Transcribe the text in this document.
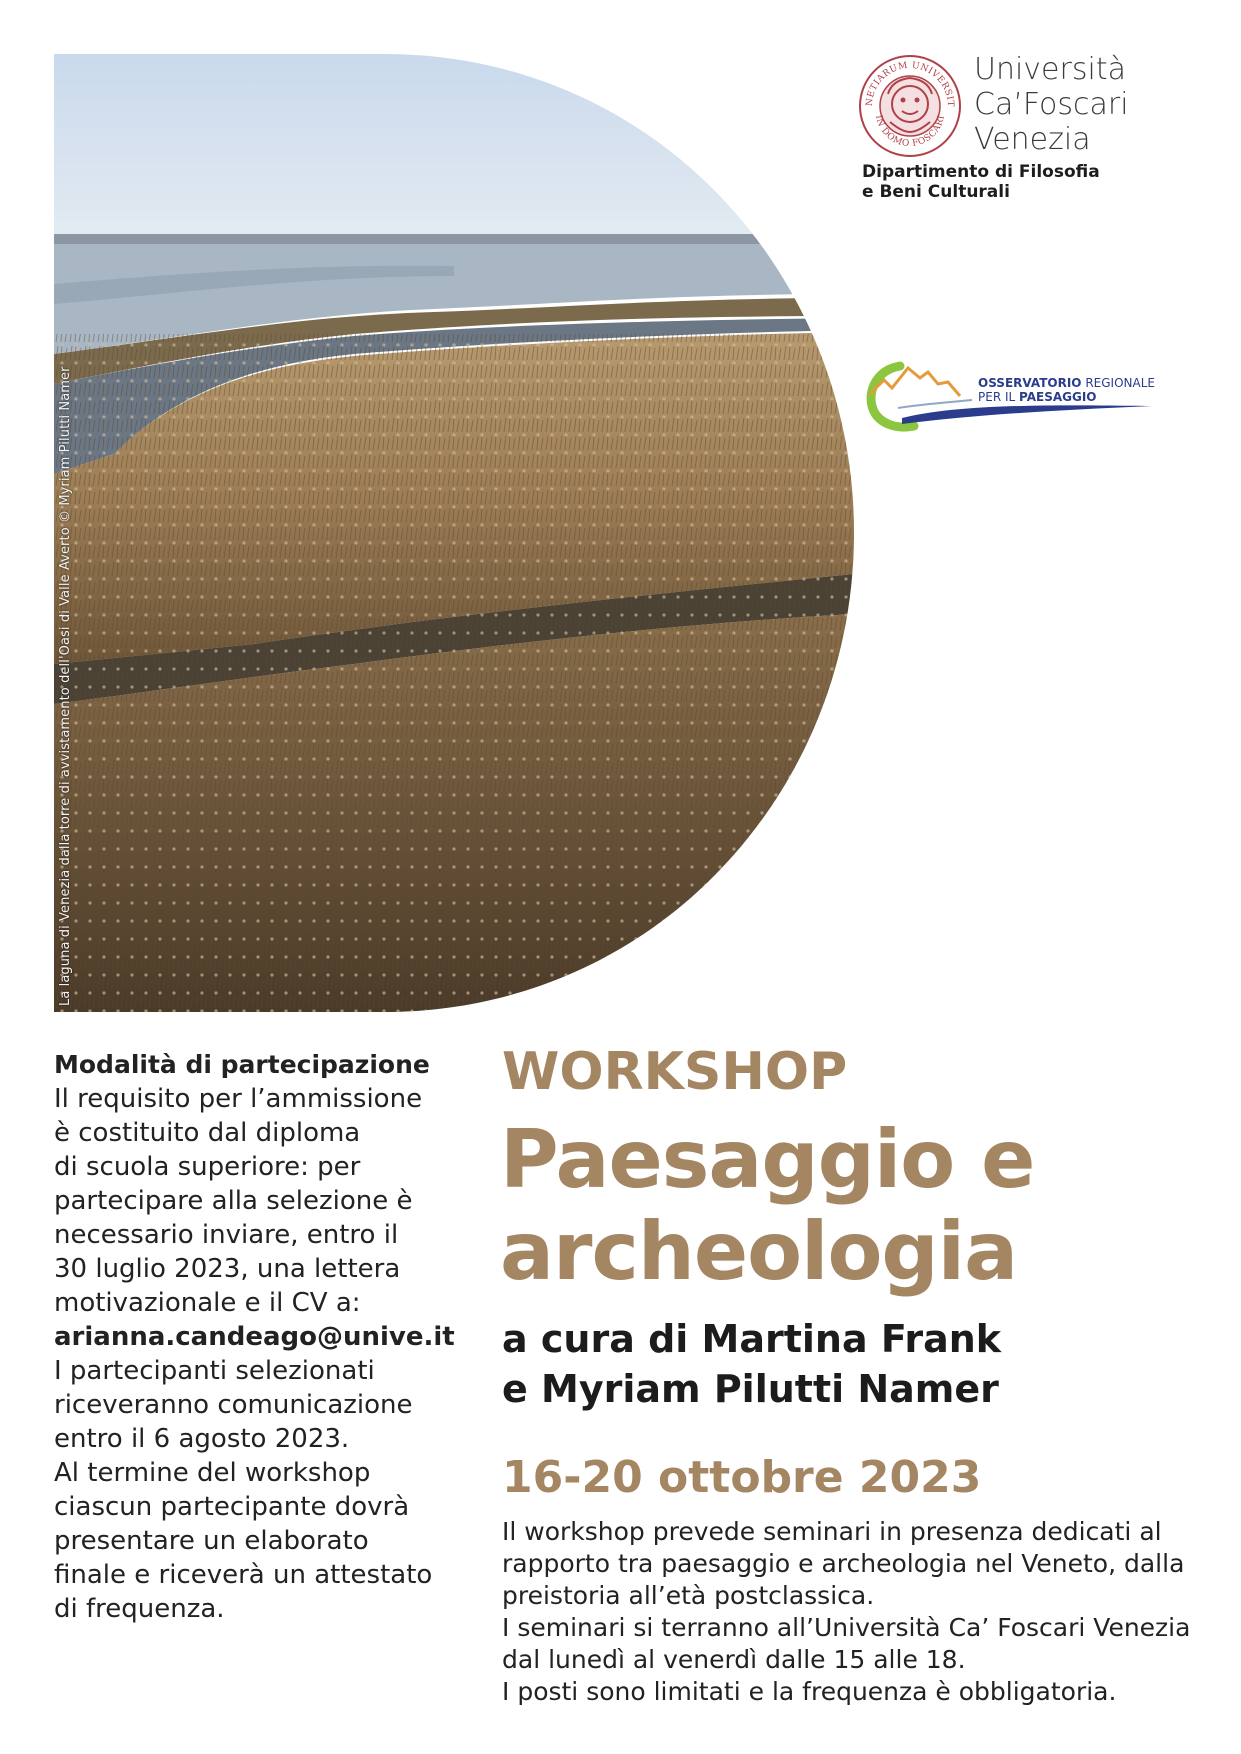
La laguna di Venezia dalla torre di avvistamento dell'Oasi di Valle Averto © Myriam Pilutti Namer
NETIARUM UNIVERSIT
IN DOMO FOSCARI
Università
Ca’Foscari
Venezia
Dipartimento di Filosofia
e Beni Culturali
OSSERVATORIO REGIONALE
PER IL PAESAGGIO
Modalità di partecipazione
Il requisito per l’ammissione
è costituito dal diploma
di scuola superiore: per
partecipare alla selezione è
necessario inviare, entro il
30 luglio 2023, una lettera
motivazionale e il CV a:
arianna.candeago@unive.it
I partecipanti selezionati
riceveranno comunicazione
entro il 6 agosto 2023.
Al termine del workshop
ciascun partecipante dovrà
presentare un elaborato
finale e riceverà un attestato
di frequenza.
WORKSHOP
Paesaggio e
archeologia
a cura di Martina Frank
e Myriam Pilutti Namer
16-20 ottobre 2023
Il workshop prevede seminari in presenza dedicati al
rapporto tra paesaggio e archeologia nel Veneto, dalla
preistoria all’età postclassica.
I seminari si terranno all’Università Ca’ Foscari Venezia
dal lunedì al venerdì dalle 15 alle 18.
I posti sono limitati e la frequenza è obbligatoria.
